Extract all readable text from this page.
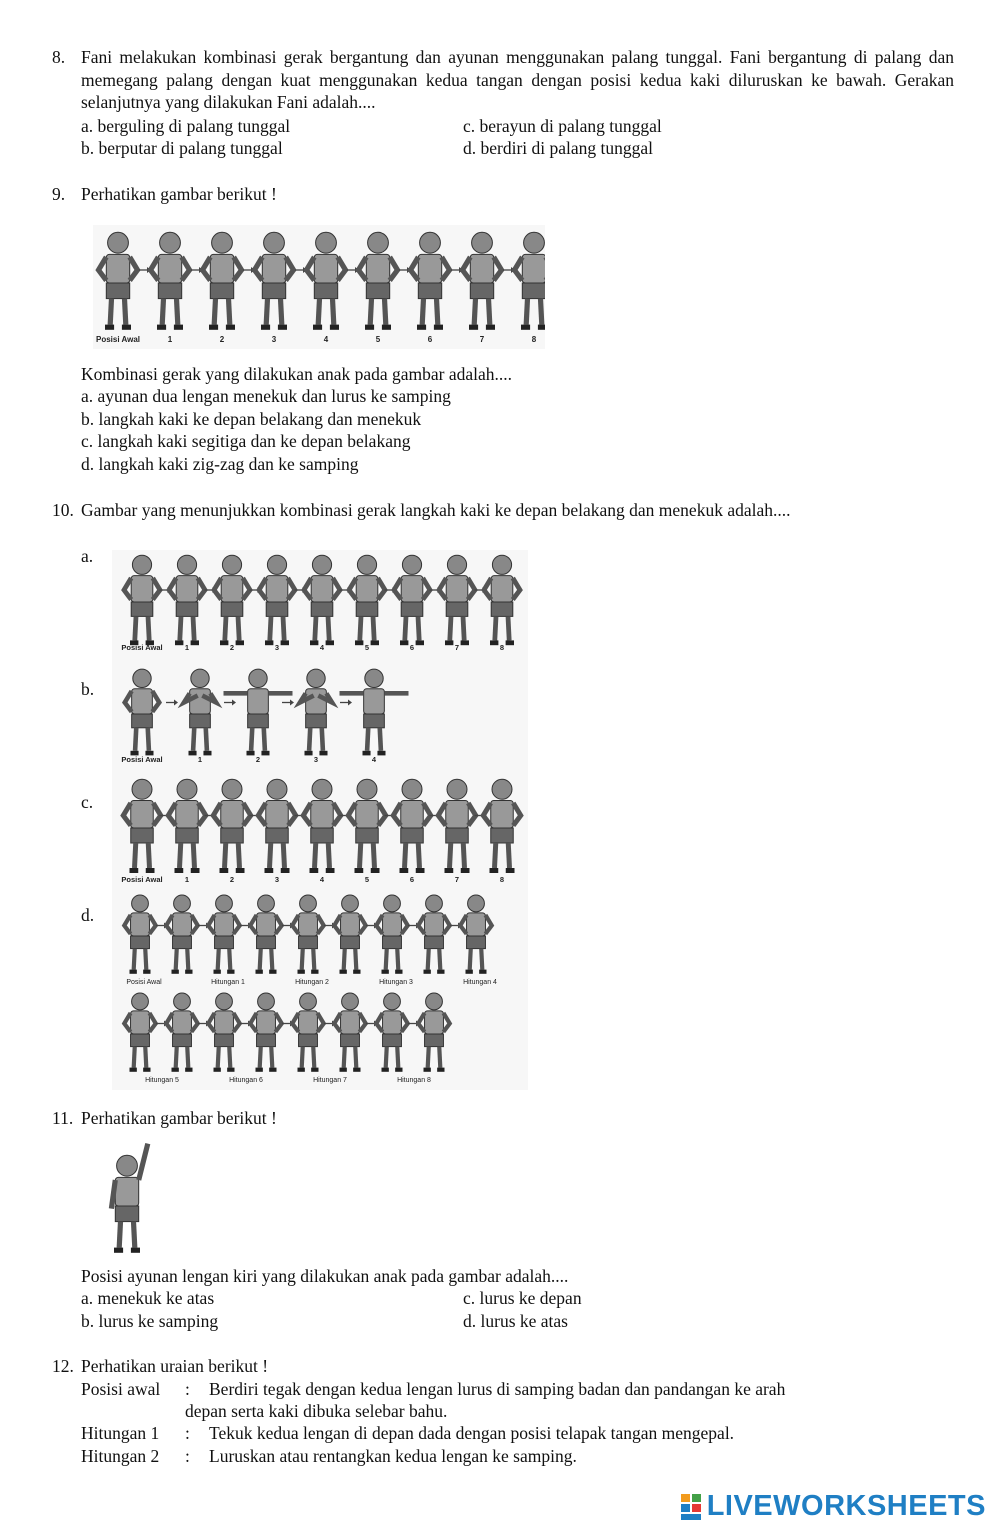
8. Fani melakukan kombinasi gerak bergantung dan ayunan menggunakan palang tunggal. Fani bergantung di palang dan memegang palang dengan kuat menggunakan kedua tangan dengan posisi kedua kaki diluruskan ke bawah. Gerakan selanjutnya yang dilakukan Fani adalah....
a. berguling di palang tunggal	c. berayun di palang tunggal
b. berputar di palang tunggal	d. berdiri di palang tunggal
9. Perhatikan gambar berikut !
Posisi Awal	1	2	3	4	5	6	7	8
Kombinasi gerak yang dilakukan anak pada gambar adalah....
a. ayunan dua lengan menekuk dan lurus ke samping
b. langkah kaki ke depan belakang dan menekuk
c. langkah kaki segitiga dan ke depan belakang
d. langkah kaki zig-zag dan ke samping
10. Gambar yang menunjukkan kombinasi gerak langkah kaki ke depan belakang dan menekuk adalah....
a.
Posisi Awal	1	2	3	4	5	6	7	8
b.
Posisi Awal	1	2	3	4
c.
Posisi Awal	1	2	3	4	5	6	7	8
d.
Posisi Awal	Hitungan 1	Hitungan 2	Hitungan 3	Hitungan 4
Hitungan 5	Hitungan 6	Hitungan 7	Hitungan 8
11. Perhatikan gambar berikut !
Posisi ayunan lengan kiri yang dilakukan anak pada gambar adalah....
a. menekuk ke atas	c. lurus ke depan
b. lurus ke samping	d. lurus ke atas
12. Perhatikan uraian berikut !
Posisi awal : Berdiri tegak dengan kedua lengan lurus di samping badan dan pandangan ke arah
depan serta kaki dibuka selebar bahu.
Hitungan 1 : Tekuk kedua lengan di depan dada dengan posisi telapak tangan mengepal.
Hitungan 2 : Luruskan atau rentangkan kedua lengan ke samping.
LIVEWORKSHEETS
